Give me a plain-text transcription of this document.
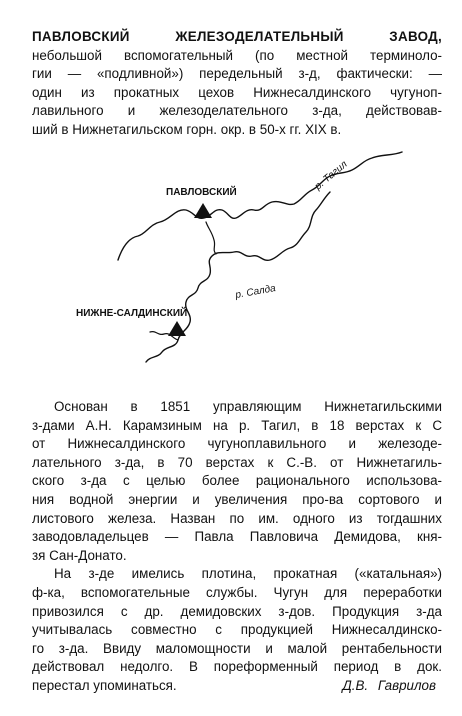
ПАВЛОВСКИЙ ЖЕЛЕЗОДЕЛАТЕЛЬНЫЙ ЗАВОД,
небольшой вспомогательный (по местной терминоло-
гии — «подливной») передельный з-д, фактически: —
один из прокатных цехов Нижнесалдинского чугуноп-
лавильного и железоделательного з-да, действовав-
ший в Нижнетагильском горн. окр. в 50-х гг. XIX в.
ПАВЛОВСКИЙ
НИЖНЕ-САЛДИНСКИЙ
р. Тагил
р. Салда
Основан в 1851 управляющим Нижнетагильскими
з-дами А.Н. Карамзиным на р. Тагил, в 18 верстах к С
от Нижнесалдинского чугуноплавильного и железоде-
лательного з-да, в 70 верстах к С.-В. от Нижнетагиль-
ского з-да с целью более рационального использова-
ния водной энергии и увеличения про-ва сортового и
листового железа. Назван по им. одного из тогдашних
заводовладельцев — Павла Павловича Демидова, кня-
зя Сан-Донато.
На з-де имелись плотина, прокатная («катальная»)
ф-ка, вспомогательные службы. Чугун для переработки
привозился с др. демидовских з-дов. Продукция з-да
учитывалась совместно с продукцией Нижнесалдинско-
го з-да. Ввиду маломощности и малой рентабельности
действовал недолго. В пореформенный период в док.
перестал упоминаться.	Д.В. Гаврилов
